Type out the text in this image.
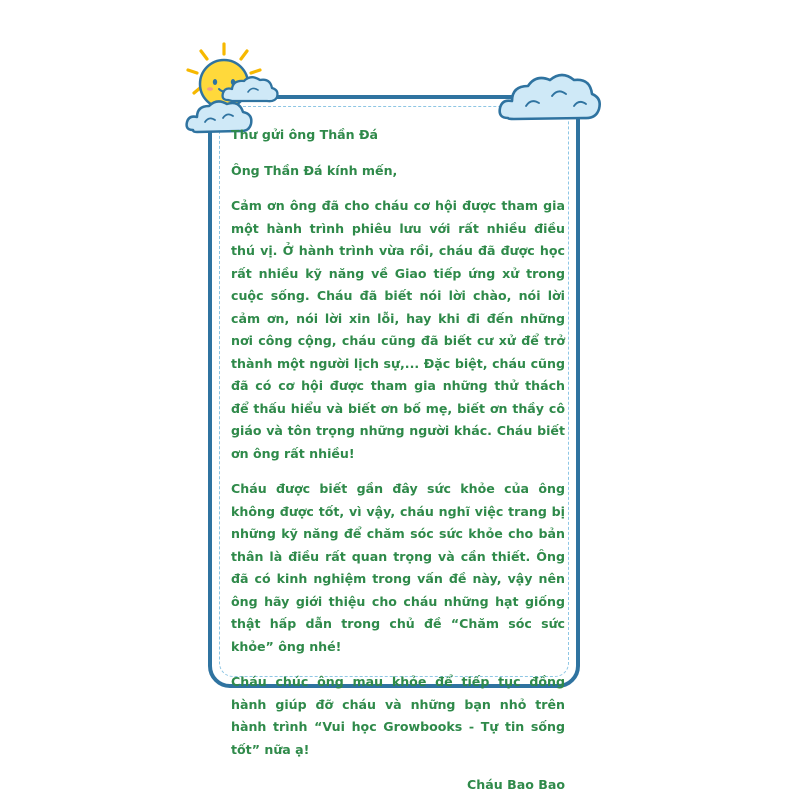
Thư gửi ông Thần Đá

Ông Thần Đá kính mến,

Cảm ơn ông đã cho cháu cơ hội được tham gia một hành trình phiêu lưu với rất nhiều điều thú vị. Ở hành trình vừa rồi, cháu đã được học rất nhiều kỹ năng về Giao tiếp ứng xử trong cuộc sống. Cháu đã biết nói lời chào, nói lời cảm ơn, nói lời xin lỗi, hay khi đi đến những nơi công cộng, cháu cũng đã biết cư xử để trở thành một người lịch sự,... Đặc biệt, cháu cũng đã có cơ hội được tham gia những thử thách để thấu hiểu và biết ơn bố mẹ, biết ơn thầy cô giáo và tôn trọng những người khác. Cháu biết ơn ông rất nhiều!

Cháu được biết gần đây sức khỏe của ông không được tốt, vì vậy, cháu nghĩ việc trang bị những kỹ năng để chăm sóc sức khỏe cho bản thân là điều rất quan trọng và cần thiết. Ông đã có kinh nghiệm trong vấn đề này, vậy nên ông hãy giới thiệu cho cháu những hạt giống thật hấp dẫn trong chủ đề “Chăm sóc sức khỏe” ông nhé!

Cháu chúc ông mau khỏe để tiếp tục đồng hành giúp đỡ cháu và những bạn nhỏ trên hành trình “Vui học Growbooks - Tự tin sống tốt” nữa ạ!

Cháu Bao Bao
